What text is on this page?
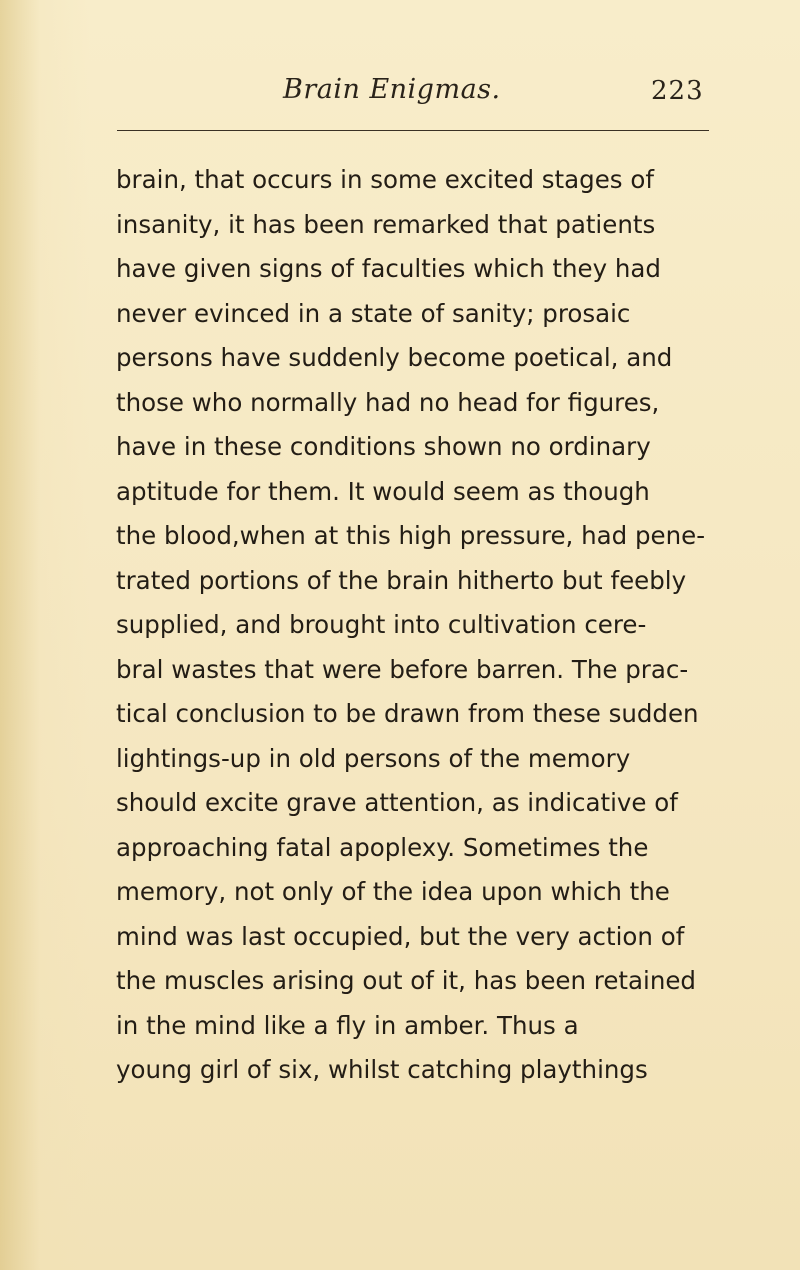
Brain Enigmas.	223
brain, that occurs in some excited stages of
insanity, it has been remarked that patients
have given signs of faculties which they had
never evinced in a state of sanity; prosaic
persons have suddenly become poetical, and
those who normally had no head for figures,
have in these conditions shown no ordinary
aptitude for them. It would seem as though
the blood,when at this high pressure, had pene-
trated portions of the brain hitherto but feebly
supplied, and brought into cultivation cere-
bral wastes that were before barren. The prac-
tical conclusion to be drawn from these sudden
lightings-up in old persons of the memory
should excite grave attention, as indicative of
approaching fatal apoplexy. Sometimes the
memory, not only of the idea upon which the
mind was last occupied, but the very action of
the muscles arising out of it, has been retained
in the mind like a fly in amber. Thus a
young girl of six, whilst catching playthings
